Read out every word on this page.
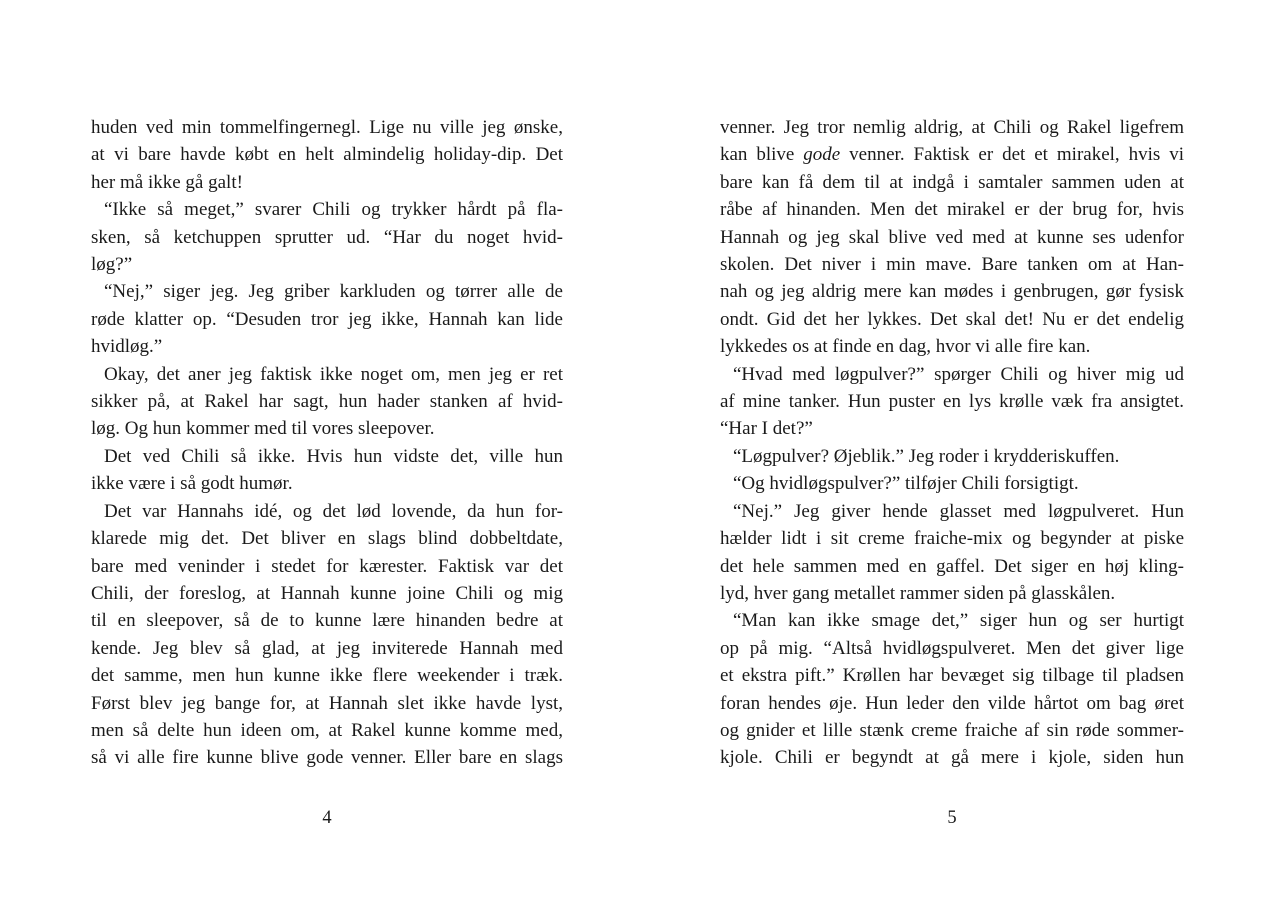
huden ved min tommelfingernegl. Lige nu ville jeg ønske,
at vi bare havde købt en helt almindelig holiday-dip. Det
her må ikke gå galt!
“Ikke så meget,” svarer Chili og trykker hårdt på fla-
sken, så ketchuppen sprutter ud. “Har du noget hvid-
løg?”
“Nej,” siger jeg. Jeg griber karkluden og tørrer alle de
røde klatter op. “Desuden tror jeg ikke, Hannah kan lide
hvidløg.”
Okay, det aner jeg faktisk ikke noget om, men jeg er ret
sikker på, at Rakel har sagt, hun hader stanken af hvid-
løg. Og hun kommer med til vores sleepover.
Det ved Chili så ikke. Hvis hun vidste det, ville hun
ikke være i så godt humør.
Det var Hannahs idé, og det lød lovende, da hun for-
klarede mig det. Det bliver en slags blind dobbeltdate,
bare med veninder i stedet for kærester. Faktisk var det
Chili, der foreslog, at Hannah kunne joine Chili og mig
til en sleepover, så de to kunne lære hinanden bedre at
kende. Jeg blev så glad, at jeg inviterede Hannah med
det samme, men hun kunne ikke flere weekender i træk.
Først blev jeg bange for, at Hannah slet ikke havde lyst,
men så delte hun ideen om, at Rakel kunne komme med,
så vi alle fire kunne blive gode venner. Eller bare en slags
venner. Jeg tror nemlig aldrig, at Chili og Rakel ligefrem
kan blive gode venner. Faktisk er det et mirakel, hvis vi
bare kan få dem til at indgå i samtaler sammen uden at
råbe af hinanden. Men det mirakel er der brug for, hvis
Hannah og jeg skal blive ved med at kunne ses udenfor
skolen. Det niver i min mave. Bare tanken om at Han-
nah og jeg aldrig mere kan mødes i genbrugen, gør fysisk
ondt. Gid det her lykkes. Det skal det! Nu er det endelig
lykkedes os at finde en dag, hvor vi alle fire kan.
“Hvad med løgpulver?” spørger Chili og hiver mig ud
af mine tanker. Hun puster en lys krølle væk fra ansigtet.
“Har I det?”
“Løgpulver? Øjeblik.” Jeg roder i krydderiskuffen.
“Og hvidløgspulver?” tilføjer Chili forsigtigt.
“Nej.” Jeg giver hende glasset med løgpulveret. Hun
hælder lidt i sit creme fraiche-mix og begynder at piske
det hele sammen med en gaffel. Det siger en høj kling-
lyd, hver gang metallet rammer siden på glasskålen.
“Man kan ikke smage det,” siger hun og ser hurtigt
op på mig. “Altså hvidløgspulveret. Men det giver lige
et ekstra pift.” Krøllen har bevæget sig tilbage til pladsen
foran hendes øje. Hun leder den vilde hårtot om bag øret
og gnider et lille stænk creme fraiche af sin røde sommer-
kjole. Chili er begyndt at gå mere i kjole, siden hun
4	5
